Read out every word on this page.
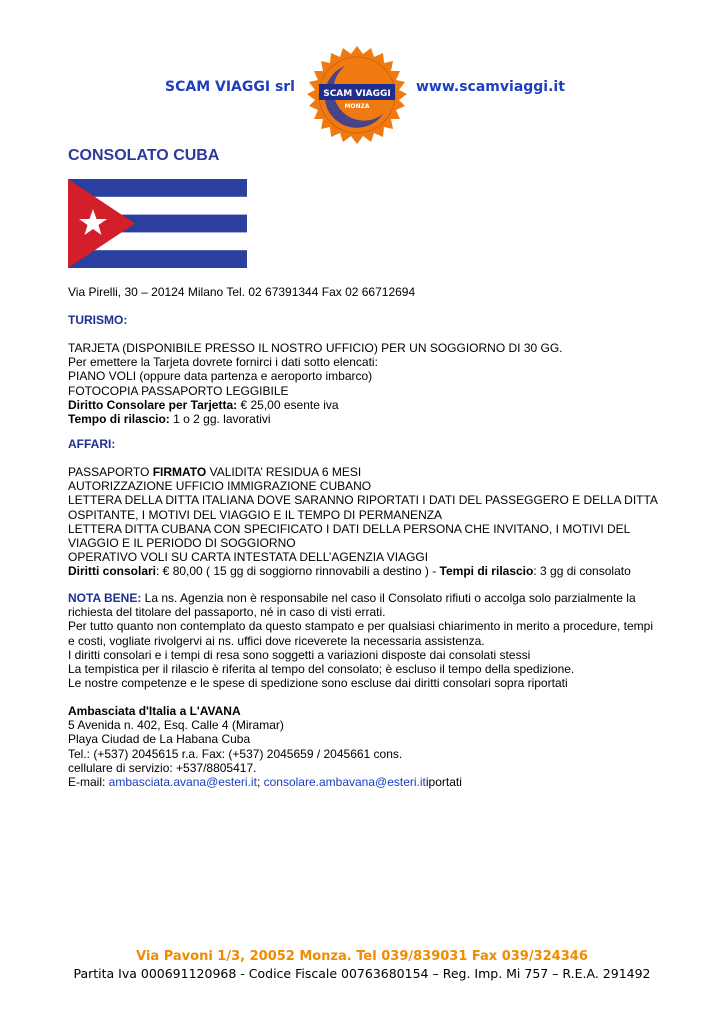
SCAM VIAGGI srl	SCAM VIAGGI
MONZA
www.scamviaggi.it
CONSOLATO CUBA
Via Pirelli, 30 – 20124 Milano Tel. 02 67391344 Fax 02 66712694
TURISMO:
TARJETA (DISPONIBILE PRESSO IL NOSTRO UFFICIO) PER UN SOGGIORNO DI 30 GG.
Per emettere la Tarjeta dovrete fornirci i dati sotto elencati:
PIANO VOLI (oppure data partenza e aeroporto imbarco)
FOTOCOPIA PASSAPORTO LEGGIBILE
Diritto Consolare per Tarjetta: € 25,00 esente iva
Tempo di rilascio: 1 o 2 gg. lavorativi
AFFARI:
PASSAPORTO FIRMATO VALIDITA’ RESIDUA 6 MESI
AUTORIZZAZIONE UFFICIO IMMIGRAZIONE CUBANO
LETTERA DELLA DITTA ITALIANA DOVE SARANNO RIPORTATI I DATI DEL PASSEGGERO E DELLA DITTA OSPITANTE, I MOTIVI DEL VIAGGIO E IL TEMPO DI PERMANENZA
LETTERA DITTA CUBANA CON SPECIFICATO I DATI DELLA PERSONA CHE INVITANO, I MOTIVI DEL VIAGGIO E IL PERIODO DI SOGGIORNO
OPERATIVO VOLI SU CARTA INTESTATA DELL’AGENZIA VIAGGI
Diritti consolari: € 80,00 ( 15 gg di soggiorno rinnovabili a destino ) - Tempi di rilascio: 3 gg di consolato
NOTA BENE: La ns. Agenzia non è responsabile nel caso il Consolato rifiuti o accolga solo parzialmente la richiesta del titolare del passaporto, né in caso di visti errati.
Per tutto quanto non contemplato da questo stampato e per qualsiasi chiarimento in merito a procedure, tempi e costi, vogliate rivolgervi ai ns. uffici dove riceverete la necessaria assistenza.
I diritti consolari e i tempi di resa sono soggetti a variazioni disposte dai consolati stessi
La tempistica per il rilascio è riferita al tempo del consolato; è escluso il tempo della spedizione.
Le nostre competenze e le spese di spedizione sono escluse dai diritti consolari sopra riportati
Ambasciata d'Italia a L'AVANA
5 Avenida n. 402, Esq. Calle 4 (Miramar)
Playa Ciudad de La Habana Cuba
Tel.: (+537) 2045615 r.a. Fax: (+537) 2045659 / 2045661 cons.
cellulare di servizio: +537/8805417.
E-mail: ambasciata.avana@esteri.it; consolare.ambavana@esteri.itiportati
Via Pavoni 1/3, 20052 Monza. Tel 039/839031 Fax 039/324346
Partita Iva 000691120968 - Codice Fiscale 00763680154 – Reg. Imp. Mi 757 – R.E.A. 291492
